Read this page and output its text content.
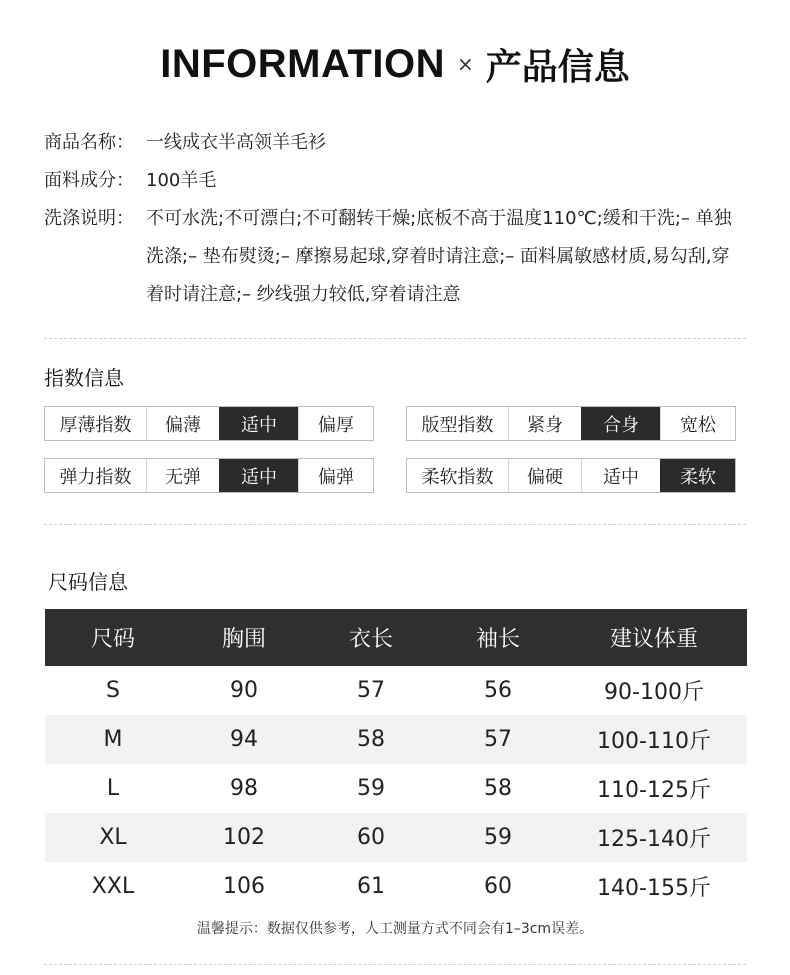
INFORMATION × 产品信息
商品名称： 一线成衣半高领羊毛衫
面料成分： 100羊毛
洗涤说明： 不可水洗;不可漂白;不可翻转干燥;底板不高于温度110℃;缓和干洗;– 单独洗涤;– 垫布熨烫;– 摩擦易起球,穿着时请注意;– 面料属敏感材质,易勾刮,穿着时请注意;– 纱线强力较低,穿着请注意
指数信息
厚薄指数	偏薄	适中	偏厚	版型指数	紧身	合身	宽松
弹力指数	无弹	适中	偏弹	柔软指数	偏硬	适中	柔软
尺码信息
尺码	胸围	衣长	袖长	建议体重
S	90	57	56	90-100斤
M	94	58	57	100-110斤
L	98	59	58	110-125斤
XL	102	60	59	125-140斤
XXL	106	61	60	140-155斤
温馨提示：数据仅供参考，人工测量方式不同会有1–3cm误差。
